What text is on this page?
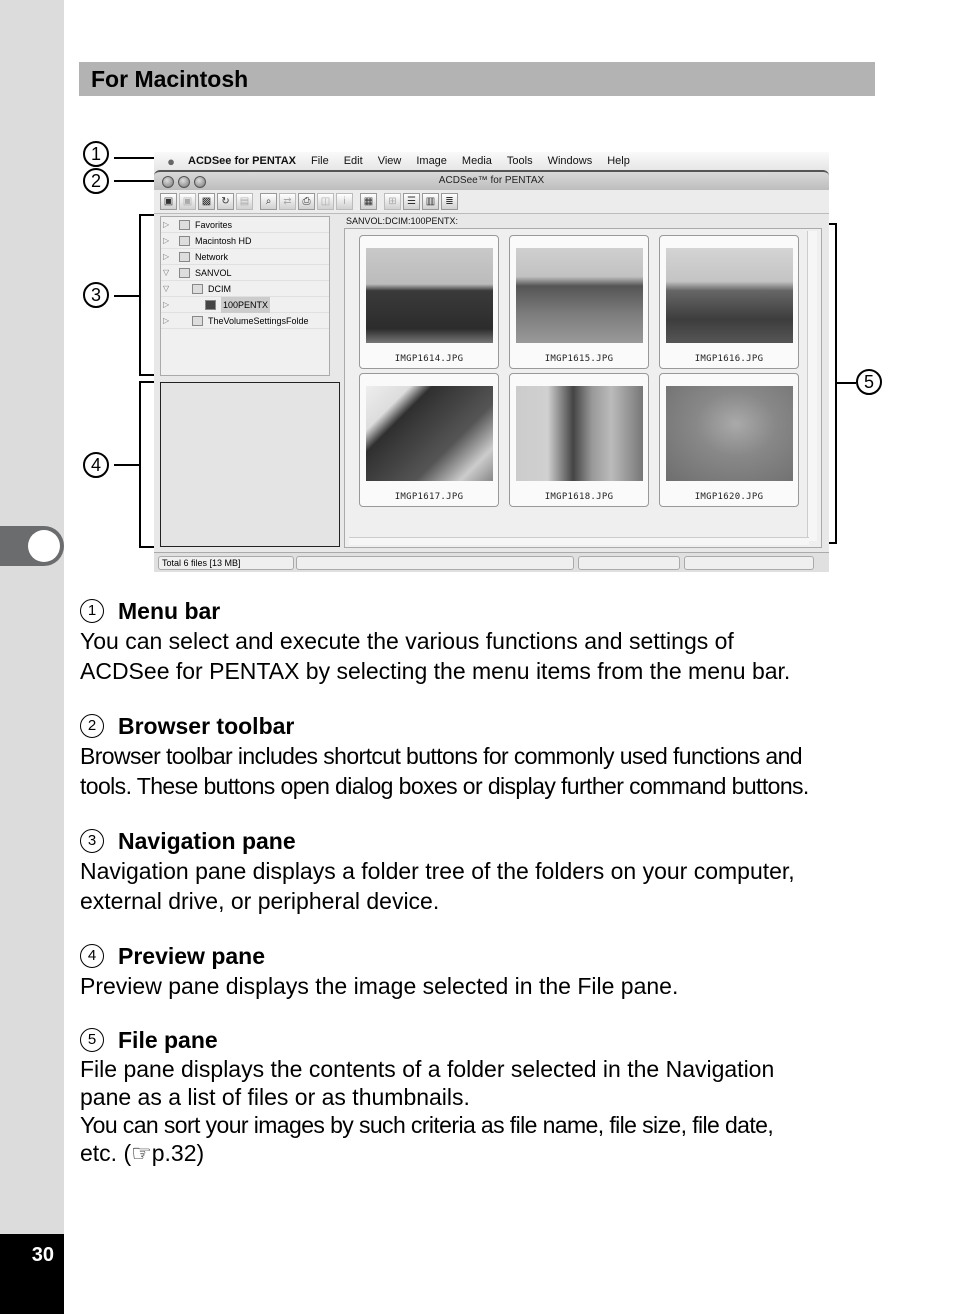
30
For Macintosh
1
2
3
4
5
●	ACDSee for PENTAX File Edit View Image Media Tools Windows Help
ACDSee™ for PENTAX
▣ ▣ ▩	↻	▤	⌕	⇄	⎙	◫	i	▦	⊞	☰ ▥	≣
▷	Favorites
▷	Macintosh HD
▷	Network
▽	SANVOL
▽	DCIM
▷	100PENTX
▷	TheVolumeSettingsFolde
SANVOL:DCIM:100PENTX:
IMGP1614.JPG	IMGP1615.JPG	IMGP1616.JPG
IMGP1617.JPG	IMGP1618.JPG	IMGP1620.JPG
Total 6 files [13 MB]
1 Menu bar
You can select and execute the various functions and settings of
ACDSee for PENTAX by selecting the menu items from the menu bar.
2 Browser toolbar
Browser toolbar includes shortcut buttons for commonly used functions and
tools. These buttons open dialog boxes or display further command buttons.
3 Navigation pane
Navigation pane displays a folder tree of the folders on your computer,
external drive, or peripheral device.
4 Preview pane
Preview pane displays the image selected in the File pane.
5 File pane
File pane displays the contents of a folder selected in the Navigation
pane as a list of files or as thumbnails.
You can sort your images by such criteria as file name, file size, file date,
etc. (☞p.32)
